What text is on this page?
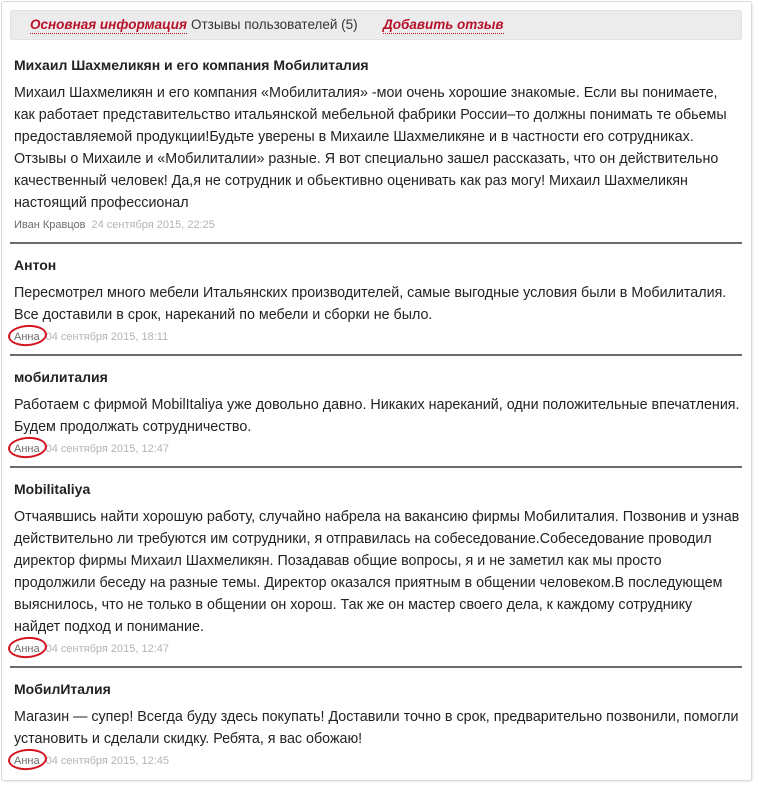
Основная информация Отзывы пользователей (5) Добавить отзыв
Михаил Шахмеликян и его компания Мобилиталия
Михаил Шахмеликян и его компания «Мобилиталия» -мои очень хорошие знакомые. Если вы понимаете, как работает представительство итальянской мебельной фабрики России–то должны понимать те обьемы предоставляемой продукции!Будьте уверены в Михаиле Шахмеликяне и в частности его сотрудниках. Отзывы о Михаиле и «Мобилиталии» разные. Я вот специально зашел рассказать, что он действительно качественный человек! Да,я не сотрудник и обьективно оценивать как раз могу! Михаил Шахмеликян настоящий профессионал
Иван Кравцов 24 сентября 2015, 22:25
Антон
Пересмотрел много мебели Итальянских производителей, самые выгодные условия были в Мобилиталия. Все доставили в срок, нареканий по мебели и сборки не было.
Анна 04 сентября 2015, 18:11
мобилиталия
Работаем с фирмой MobilItaliya уже довольно давно. Никаких нареканий, одни положительные впечатления. Будем продолжать сотрудничество.
Анна 04 сентября 2015, 12:47
Mobilitaliya
Отчаявшись найти хорошую работу, случайно набрела на вакансию фирмы Мобилиталия. Позвонив и узнав действительно ли требуются им сотрудники, я отправилась на собеседование.Собеседование проводил директор фирмы Михаил Шахмеликян. Позадавав общие вопросы, я и не заметил как мы просто продолжили беседу на разные темы. Директор оказался приятным в общении человеком.В последующем выяснилось, что не только в общении он хорош. Так же он мастер своего дела, к каждому сотруднику найдет подход и понимание.
Анна 04 сентября 2015, 12:47
МобилИталия
Магазин — супер! Всегда буду здесь покупать! Доставили точно в срок, предварительно позвонили, помогли установить и сделали скидку. Ребята, я вас обожаю!
Анна 04 сентября 2015, 12:45
